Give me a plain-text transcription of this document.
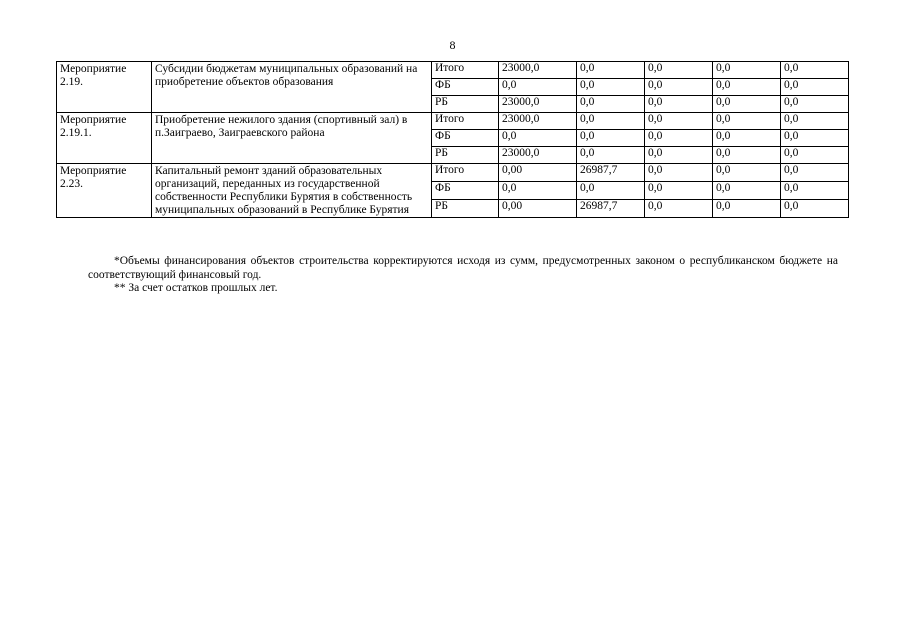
8
Мероприятие 2.19.	Субсидии бюджетам муниципальных образований на приобретение объектов образования	Итого	23000,0	0,0	0,0	0,0	0,0
		ФБ	0,0	0,0	0,0	0,0	0,0
		РБ	23000,0	0,0	0,0	0,0	0,0
Мероприятие 2.19.1.	Приобретение нежилого здания (спортивный зал) в п.Заиграево, Заиграевского района	Итого	23000,0	0,0	0,0	0,0	0,0
		ФБ	0,0	0,0	0,0	0,0	0,0
		РБ	23000,0	0,0	0,0	0,0	0,0
Мероприятие 2.23.	Капитальный ремонт зданий образовательных организаций, переданных из государственной собственности Республики Бурятия в собственность муниципальных образований в Республике Бурятия	Итого	0,00	26987,7	0,0	0,0	0,0
		ФБ	0,0	0,0	0,0	0,0	0,0
		РБ	0,00	26987,7	0,0	0,0	0,0

*Объемы финансирования объектов строительства корректируются исходя из сумм, предусмотренных законом о республиканском бюджете на соответствующий финансовый год.

** За счет остатков прошлых лет.
